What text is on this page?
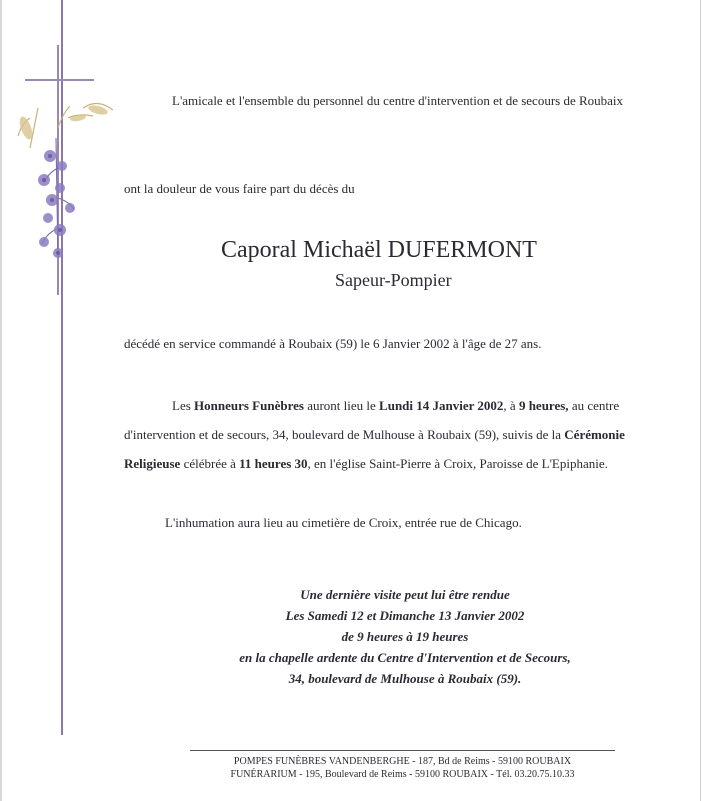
L'amicale et l'ensemble du personnel du centre d'intervention et de secours de Roubaix
ont la douleur de vous faire part du décès du
Caporal Michaël DUFERMONT
Sapeur-Pompier
décédé en service commandé à Roubaix (59) le 6 Janvier 2002 à l'âge de 27 ans.
Les Honneurs Funèbres auront lieu le Lundi 14 Janvier 2002, à 9 heures, au centre
d'intervention et de secours, 34, boulevard de Mulhouse à Roubaix (59), suivis de la Cérémonie
Religieuse célébrée à 11 heures 30, en l'église Saint-Pierre à Croix, Paroisse de L'Epiphanie.
L'inhumation aura lieu au cimetière de Croix, entrée rue de Chicago.
Une dernière visite peut lui être rendue
Les Samedi 12 et Dimanche 13 Janvier 2002
de 9 heures à 19 heures
en la chapelle ardente du Centre d'Intervention et de Secours,
34, boulevard de Mulhouse à Roubaix (59).
POMPES FUNÈBRES VANDENBERGHE - 187, Bd de Reims - 59100 ROUBAIX
FUNÉRARIUM - 195, Boulevard de Reims - 59100 ROUBAIX - Tél. 03.20.75.10.33
